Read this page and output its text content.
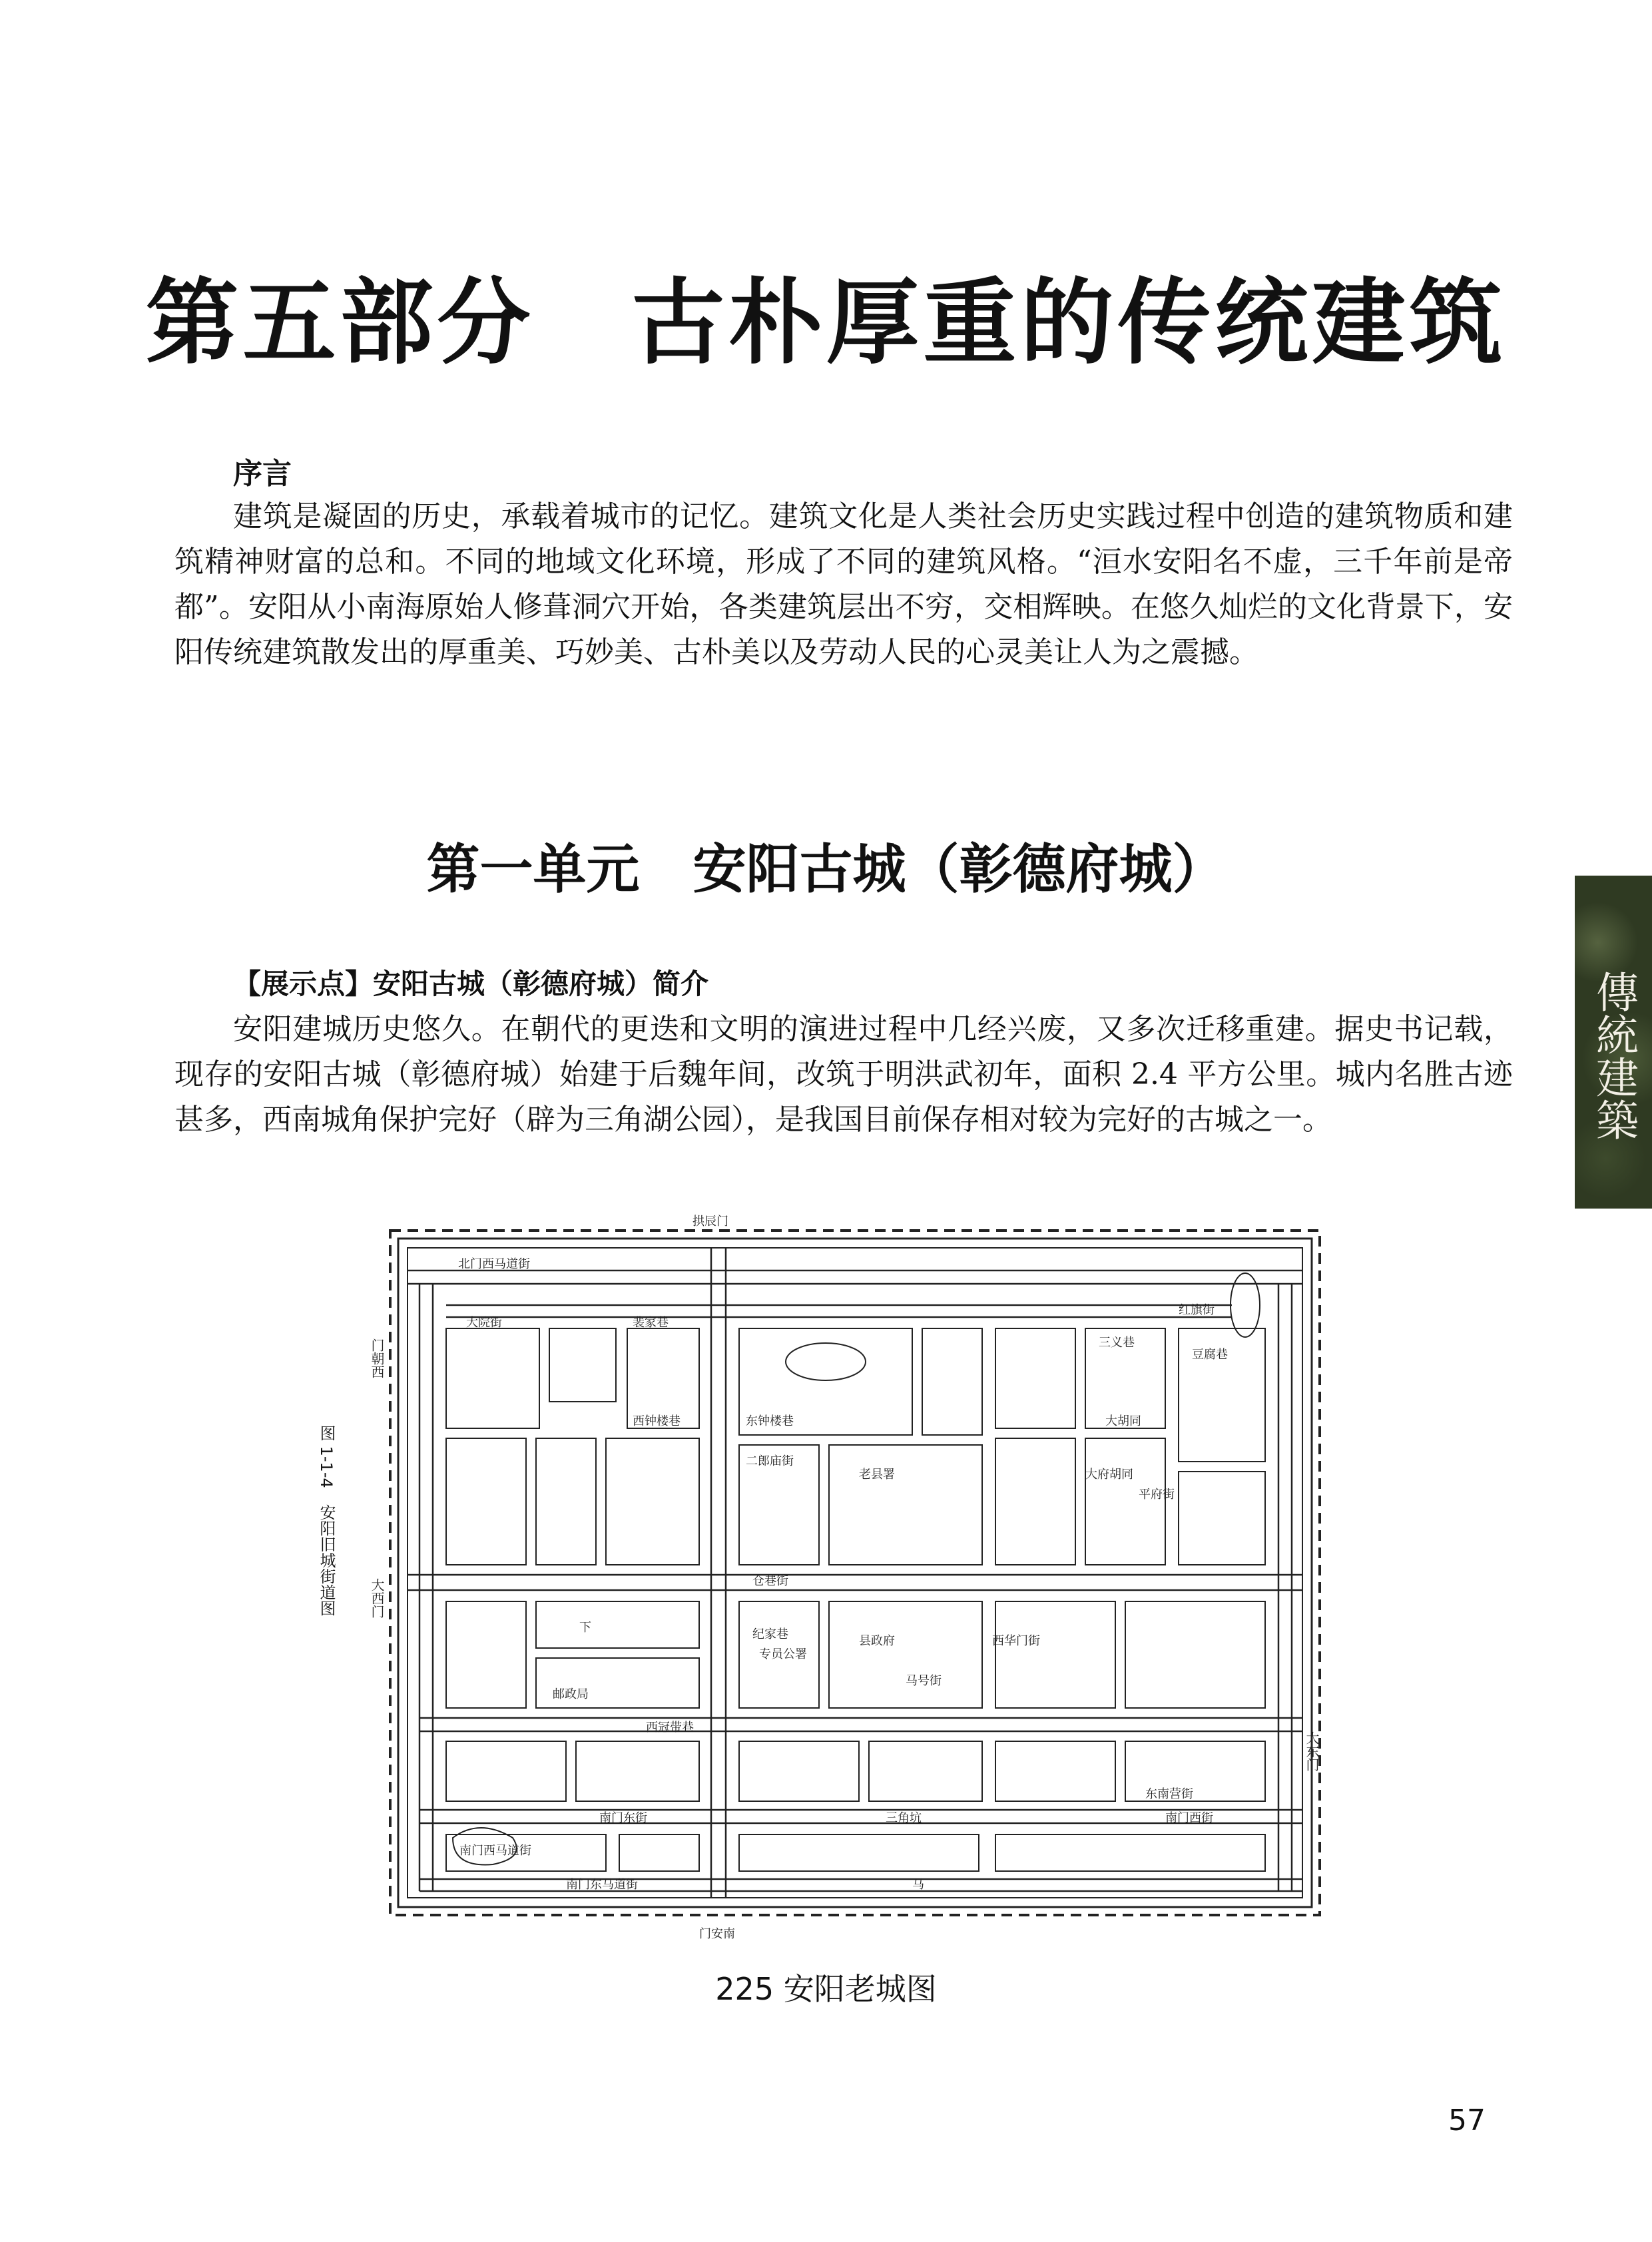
第五部分　古朴厚重的传统建筑
序言
建筑是凝固的历史，承载着城市的记忆。建筑文化是人类社会历史实践过程中创造的建筑物质和建筑精神财富的总和。不同的地域文化环境，形成了不同的建筑风格。“洹水安阳名不虚，三千年前是帝都”。安阳从小南海原始人修葺洞穴开始，各类建筑层出不穷，交相辉映。在悠久灿烂的文化背景下，安阳传统建筑散发出的厚重美、巧妙美、古朴美以及劳动人民的心灵美让人为之震撼。
第一单元　安阳古城（彰德府城）
【展示点】安阳古城（彰德府城）简介
安阳建城历史悠久。在朝代的更迭和文明的演进过程中几经兴废，又多次迁移重建。据史书记载，现存的安阳古城（彰德府城）始建于后魏年间，改筑于明洪武初年，面积 2.4 平方公里。城内名胜古迹甚多，西南城角保护完好（辟为三角湖公园），是我国目前保存相对较为完好的古城之一。	傳統建築
拱辰门
门安南
北门西马道街
红旗街
大院街	裴家巷
三义巷
豆腐巷
西钟楼巷	东钟楼巷	大胡同
二郎庙街
老县署	大府胡同
平府街
仓巷街
下	纪家巷
专员公署
县政府	西华门街
马号街
邮政局
西冠带巷
东南营街
南门西街
南门东街	三角坑
南门西马道街
南门东马道街	马
门朝西
大西门
大东门
图 1-1-4　安阳旧城街道图
225 安阳老城图
57
